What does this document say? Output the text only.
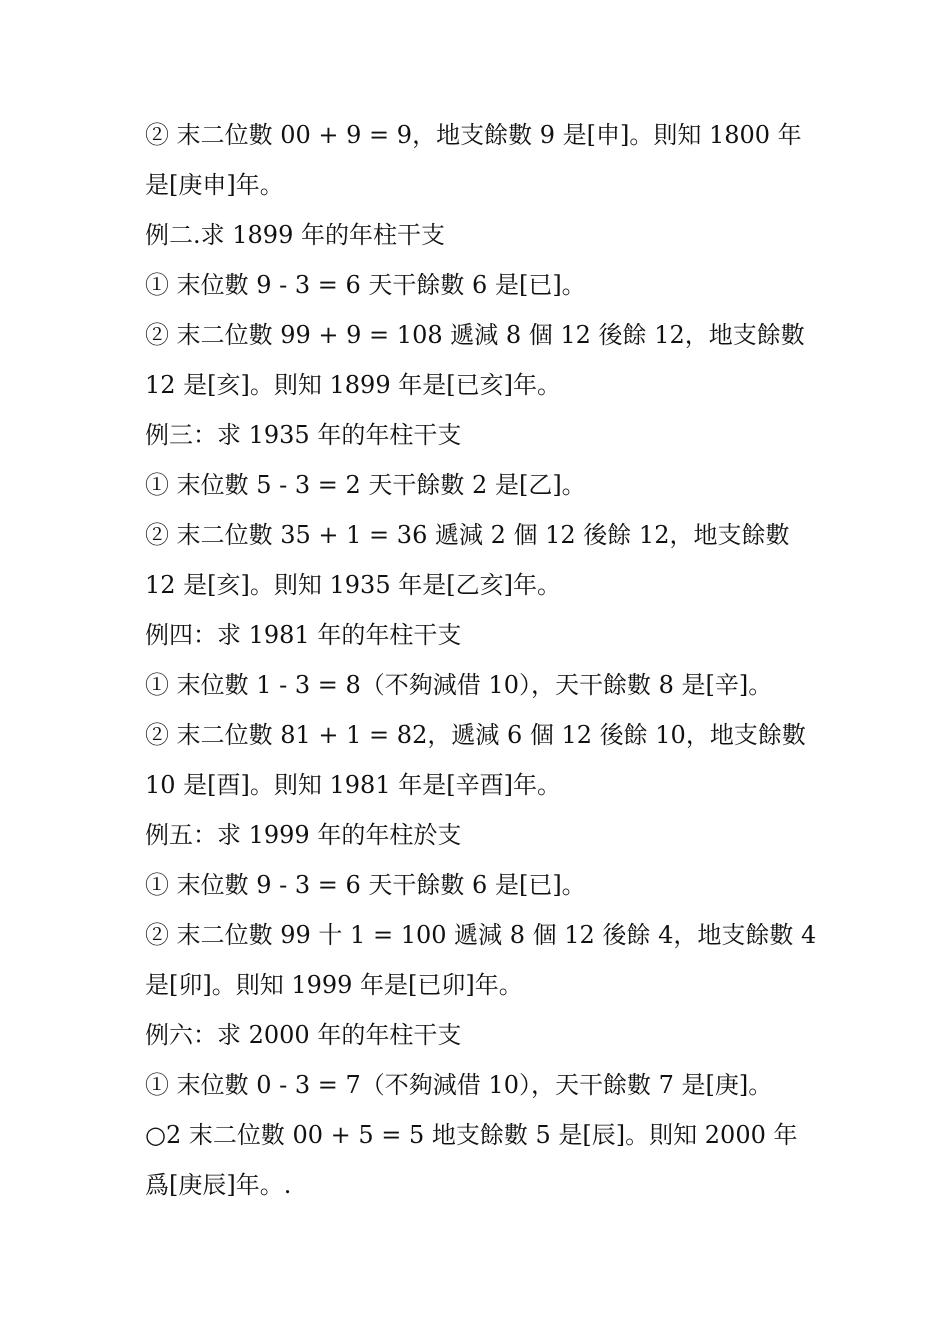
② 末二位數 00 + 9 = 9，地支餘數 9 是[申]。則知 1800 年
是[庚申]年。
例二.求 1899 年的年柱干支
① 末位數 9 - 3 = 6 天干餘數 6 是[已]。
② 末二位數 99 + 9 = 108 遞減 8 個 12 後餘 12，地支餘數
12 是[亥]。則知 1899 年是[已亥]年。
例三：求 1935 年的年柱干支
① 末位數 5 - 3 = 2 天干餘數 2 是[乙]。
② 末二位數 35 + 1 = 36 遞減 2 個 12 後餘 12，地支餘數
12 是[亥]。則知 1935 年是[乙亥]年。
例四：求 1981 年的年柱干支
① 末位數 1 - 3 = 8（不夠減借 10），天干餘數 8 是[辛]。
② 末二位數 81 + 1 = 82，遞減 6 個 12 後餘 10，地支餘數
10 是[酉]。則知 1981 年是[辛酉]年。
例五：求 1999 年的年柱於支
① 末位數 9 - 3 = 6 天干餘數 6 是[已]。
② 末二位數 99 十 1 = 100 遞減 8 個 12 後餘 4，地支餘數 4
是[卯]。則知 1999 年是[已卯]年。
例六：求 2000 年的年柱干支
① 末位數 0 - 3 = 7（不夠減借 10），天干餘數 7 是[庚]。
○2 末二位數 00 + 5 = 5 地支餘數 5 是[辰]。則知 2000 年
爲[庚辰]年。.
